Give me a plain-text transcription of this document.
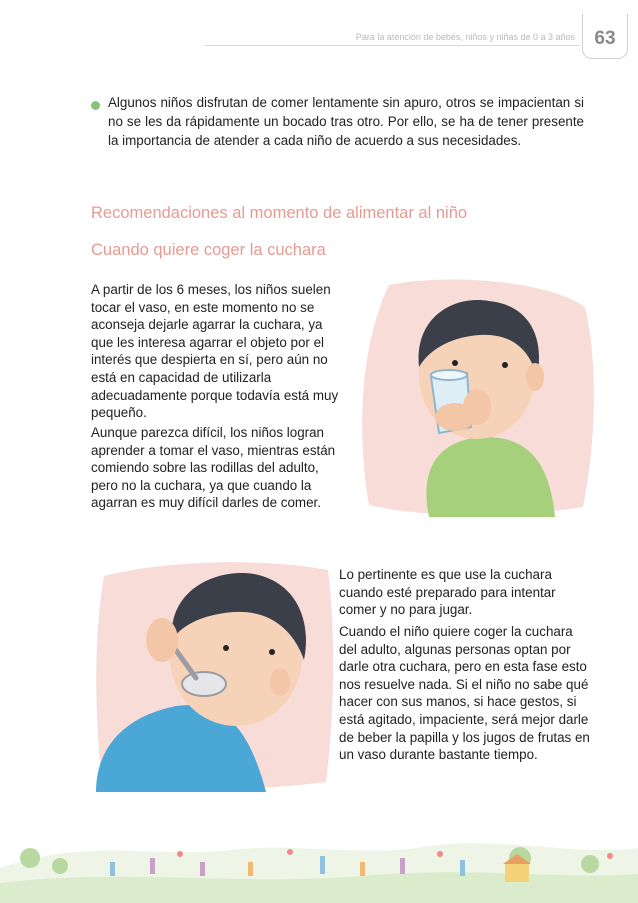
Para la atención de bebés, niños y niñas de 0 a 3 años	63

Algunos niños disfrutan de comer lentamente sin apuro, otros se impacientan si no se les da rápidamente un bocado tras otro. Por ello, se ha de tener presente la importancia de atender a cada niño de acuerdo a sus necesidades.

Recomendaciones al momento de alimentar al niño
Cuando quiere coger la cuchara

A partir de los 6 meses, los niños suelen tocar el vaso, en este momento no se aconseja dejarle agarrar la cuchara, ya que les interesa agarrar el objeto por el interés que despierta en sí, pero aún no está en capacidad de utilizarla adecuadamente porque todavía está muy pequeño.

Aunque parezca difícil, los niños logran aprender a tomar el vaso, mientras están comiendo sobre las rodillas del adulto, pero no la cuchara, ya que cuando la agarran es muy difícil darles de comer.

Lo pertinente es que use la cuchara cuando esté preparado para intentar comer y no para jugar.

Cuando el niño quiere coger la cuchara del adulto, algunas personas optan por darle otra cuchara, pero en esta fase esto nos resuelve nada. Si el niño no sabe qué hacer con sus manos, si hace gestos, si está agitado, impaciente, será mejor darle de beber la papilla y los jugos de frutas en un vaso durante bastante tiempo.
